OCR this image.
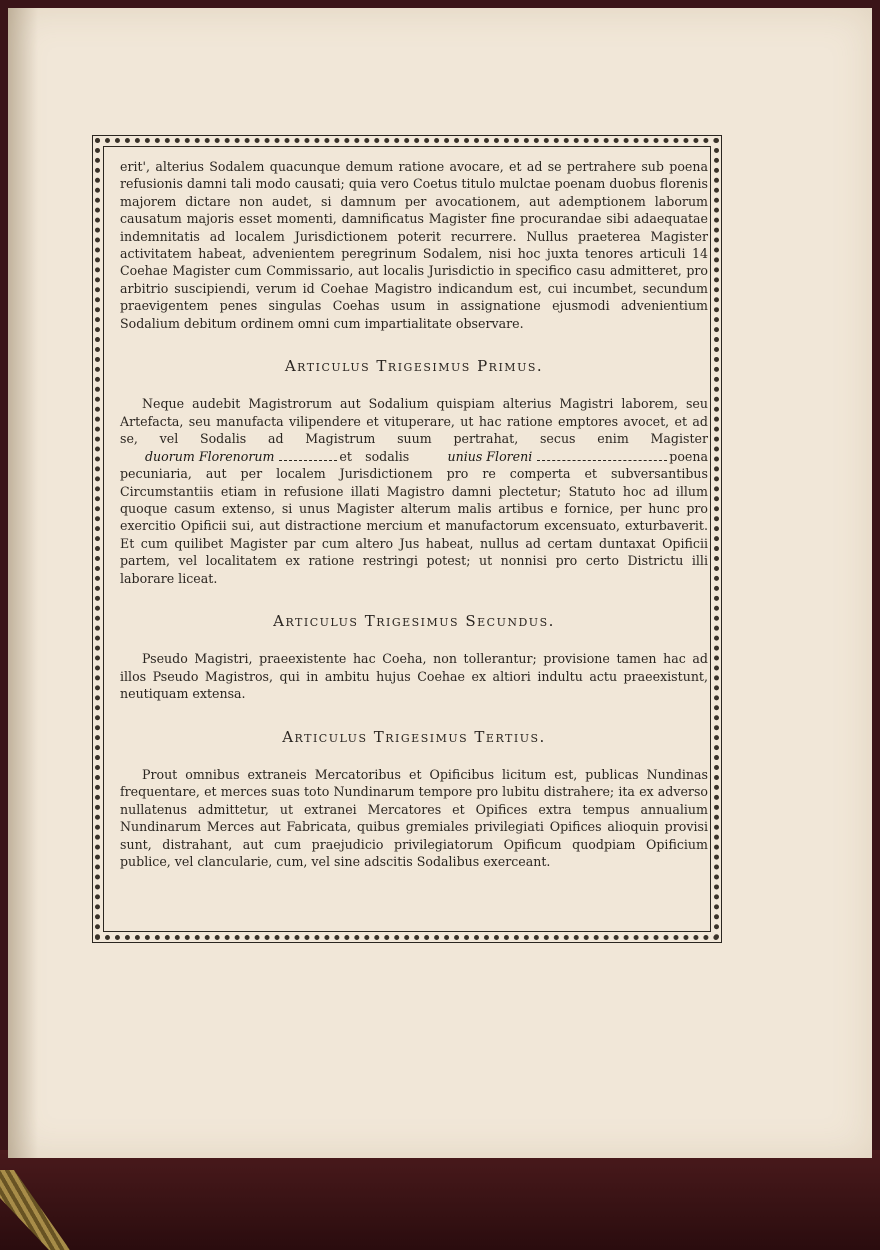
erit', alterius Sodalem quacunque demum ratione avocare, et ad se pertrahere sub poena refusionis damni tali modo causati; quia vero Coetus titulo mulctae poenam duobus florenis majorem dictare non audet, si damnum per avocationem, aut ademptionem laborum causatum majoris esset momenti, damnificatus Magister fine procurandae sibi adaequatae indemnitatis ad localem Jurisdictionem poterit recurrere. Nullus praeterea Magister activitatem habeat, advenientem peregrinum Sodalem, nisi hoc juxta tenores articuli 14 Coehae Magister cum Commissario, aut localis Jurisdictio in specifico casu admitteret, pro arbitrio suscipiendi, verum id Coehae Magistro indicandum est, cui incumbet, secundum praevigentem penes singulas Coehas usum in assignatione ejusmodi advenientium Sodalium debitum ordinem omni cum impartialitate observare.

Articulus Trigesimus Primus.

Neque audebit Magistrorum aut Sodalium quispiam alterius Magistri laborem, seu Artefacta, seu manufacta vilipendere et vituperare, ut hac ratione emptores avocet, et ad se, vel Sodalis ad Magistrum suum pertrahat, secus enim Magister duorum Florenorum	et sodalis	unius Floreni	poena pecuniaria, aut per localem Jurisdictionem pro re comperta et subversantibus Circumstantiis etiam in refusione illati Magistro damni plectetur; Statuto hoc ad illum quoque casum extenso, si unus Magister alterum malis artibus e fornice, per hunc pro exercitio Opificii sui, aut distractione mercium et manufactorum excensuato, exturbaverit. Et cum quilibet Magister par cum altero Jus habeat, nullus ad certam duntaxat Opificii partem, vel localitatem ex ratione restringi potest; ut nonnisi pro certo Districtu illi laborare liceat.

Articulus Trigesimus Secundus.

Pseudo Magistri, praeexistente hac Coeha, non tollerantur; provisione tamen hac ad illos Pseudo Magistros, qui in ambitu hujus Coehae ex altiori indultu actu praeexistunt, neutiquam extensa.

Articulus Trigesimus Tertius.

Prout omnibus extraneis Mercatoribus et Opificibus licitum est, publicas Nundinas frequentare, et merces suas toto Nundinarum tempore pro lubitu distrahere; ita ex adverso nullatenus admittetur, ut extranei Mercatores et Opifices extra tempus annualium Nundinarum Merces aut Fabricata, quibus gremiales privilegiati Opifices alioquin provisi sunt, distrahant, aut cum praejudicio privilegiatorum Opificum quodpiam Opificium publice, vel clancularie, cum, vel sine adscitis Sodalibus exerceant.
